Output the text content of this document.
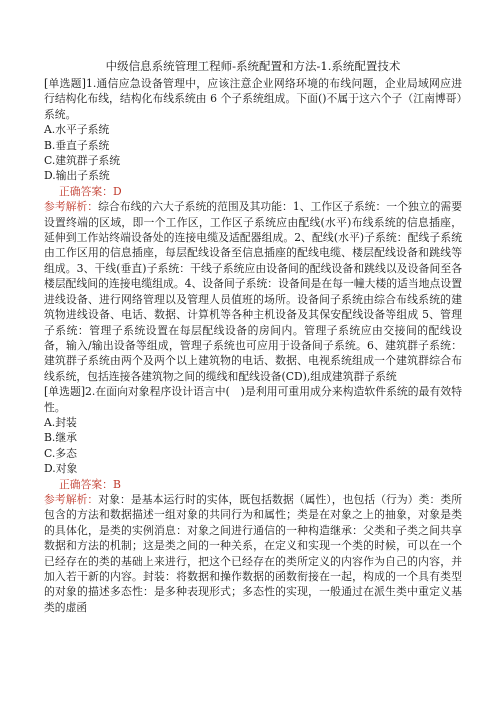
中级信息系统管理工程师-系统配置和方法-1.系统配置技术

[单选题]1.通信应急设备管理中，应该注意企业网络环境的布线问题，企业局域网应进行结构化布线，结构化布线系统由 6 个子系统组成。下面()不属于这六个子（江南博哥）系统。

A.水平子系统

B.垂直子系统

C.建筑群子系统

D.输出子系统

正确答案：D

参考解析：综合布线的六大子系统的范围及其功能：1、工作区子系统：一个独立的需要设置终端的区域，即一个工作区，工作区子系统应由配线(水平)布线系统的信息插座，延伸到工作站终端设备处的连接电缆及适配器组成。2、配线(水平)子系统：配线子系统由工作区用的信息插座，每层配线设备至信息插座的配线电缆、楼层配线设备和跳线等组成。3、干线(垂直)子系统：干线子系统应由设备间的配线设备和跳线以及设备间至各楼层配线间的连接电缆组成。4、设备间子系统：设备间是在每一幢大楼的适当地点设置进线设备、进行网络管理以及管理人员值班的场所。设备间子系统由综合布线系统的建筑物进线设备、电话、数据、计算机等各种主机设备及其保安配线设备等组成 5、管理子系统：管理子系统设置在每层配线设备的房间内。管理子系统应由交接间的配线设备，输入/输出设备等组成，管理子系统也可应用于设备间子系统。6、建筑群子系统：建筑群子系统由两个及两个以上建筑物的电话、数据、电视系统组成一个建筑群综合布线系统，包括连接各建筑物之间的缆线和配线设备(CD),组成建筑群子系统

[单选题]2.在面向对象程序设计语言中(　)是利用可重用成分来构造软件系统的最有效特性。

A.封装

B.继承

C.多态

D.对象

正确答案：B

参考解析：对象：是基本运行时的实体，既包括数据（属性），也包括（行为）类：类所包含的方法和数据描述一组对象的共同行为和属性；类是在对象之上的抽象，对象是类的具体化，是类的实例消息：对象之间进行通信的一种构造继承：父类和子类之间共享数据和方法的机制；这是类之间的一种关系，在定义和实现一个类的时候，可以在一个已经存在的类的基础上来进行，把这个已经存在的类所定义的内容作为自己的内容，并加入若干新的内容。封装：将数据和操作数据的函数衔接在一起，构成的一个具有类型的对象的描述多态性：是多种表现形式；多态性的实现，一般通过在派生类中重定义基类的虚函
